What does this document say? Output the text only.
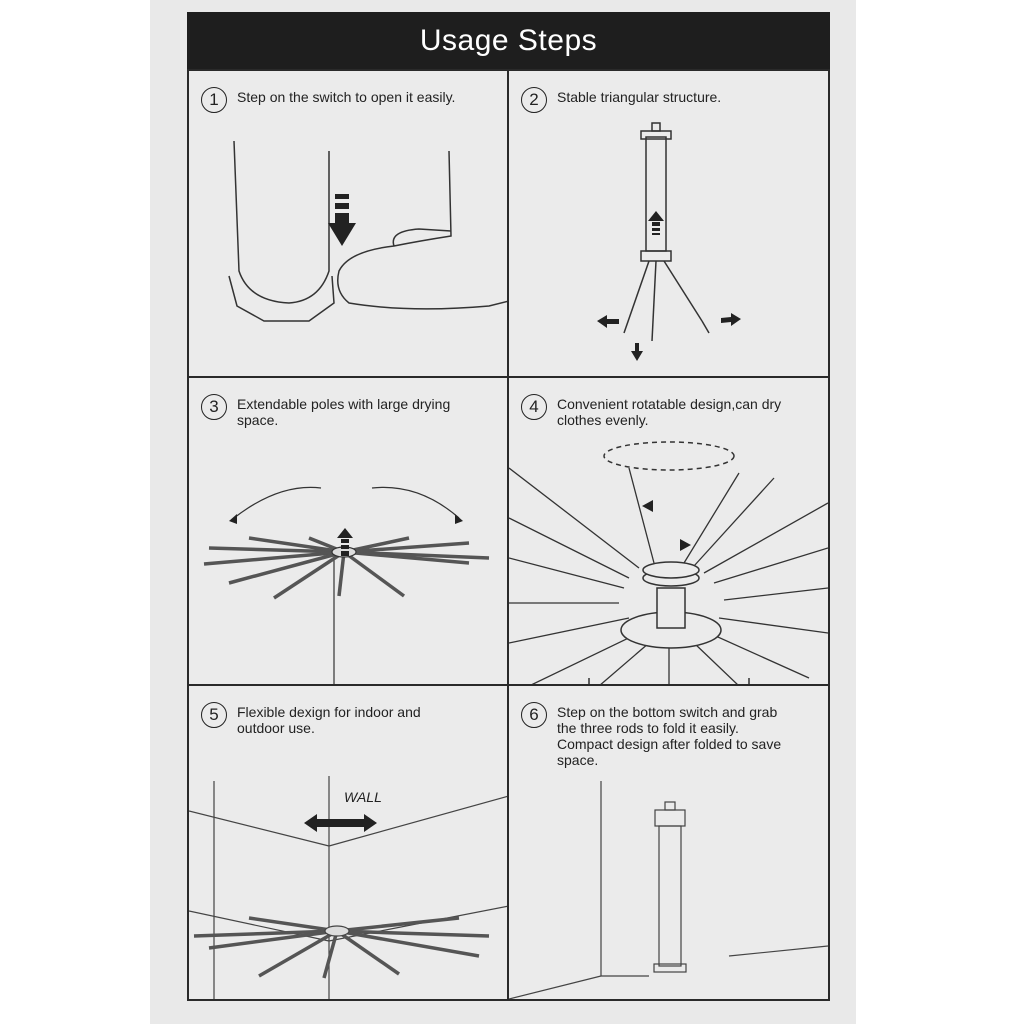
Usage Steps
1	Step on the switch to open it easily.	2	Stable triangular structure.
3	Extendable poles with large drying
space.
4	Convenient rotatable design,can dry
clothes evenly.
5	Flexible dexign for indoor and
outdoor use.
WALL
6	Step on the bottom switch and grab
the three rods to fold it easily.
Compact design after folded to save
space.
